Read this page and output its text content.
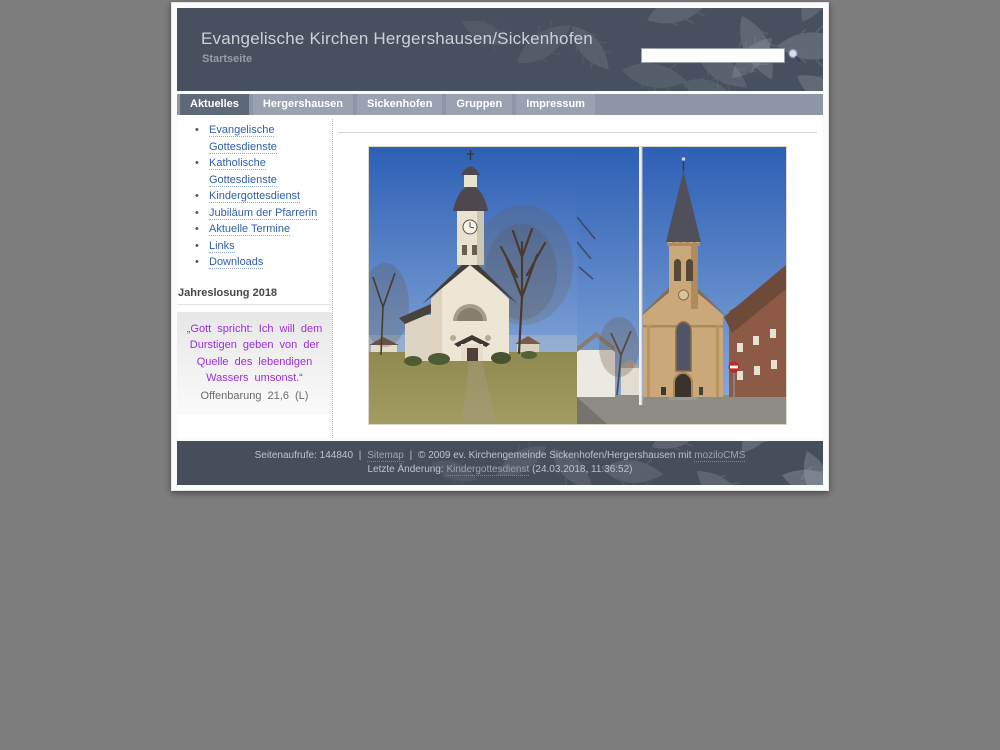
Evangelische Kirchen Hergershausen/Sickenhofen
Startseite
Aktuelles	Hergershausen	Sickenhofen	Gruppen	Impressum
• Evangelische Gottesdienste
• Katholische Gottesdienste
• Kindergottesdienst
• Jubiläum der Pfarrerin
• Aktuelle Termine
• Links
• Downloads
Jahreslosung 2018
„Gott spricht: Ich will dem Durstigen geben von der Quelle des lebendigen Wassers umsonst.“
Offenbarung 21,6 (L)
Seitenaufrufe: 144840 | Sitemap | © 2009 ev. Kirchengemeinde Sickenhofen/Hergershausen mit moziloCMS
Letzte Änderung: Kindergottesdienst (24.03.2018, 11:36:52)
